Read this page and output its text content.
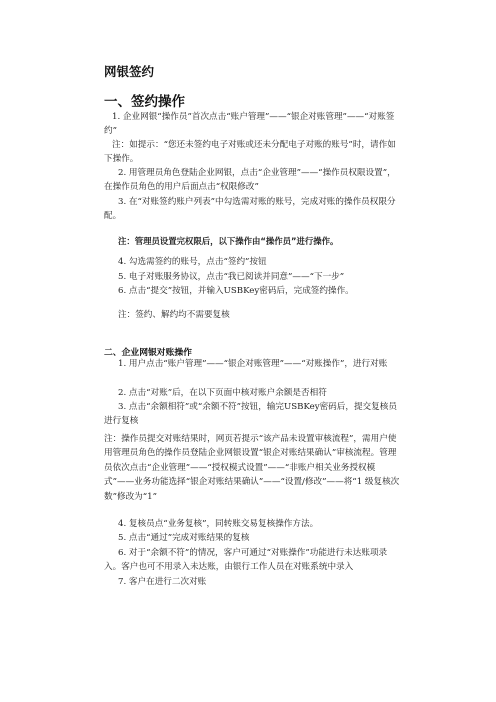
网银签约
一、签约操作

1. 企业网银“操作员”首次点击“账户管理”——“银企对账管理”——“对账签约”

注：如提示：“您还未签约电子对账或还未分配电子对账的账号”时，请作如下操作。

2. 用管理员角色登陆企业网银，点击“企业管理”——“操作员权限设置”，在操作员角色的用户后面点击“权限修改”

3. 在“对账签约账户列表”中勾选需对账的账号，完成对账的操作员权限分配。

注：管理员设置完权限后，以下操作由“操作员”进行操作。

4. 勾选需签约的账号，点击“签约”按钮

5. 电子对账服务协议，点击“我已阅读并同意”——“下一步”

6. 点击“提交”按钮，并输入USBKey密码后，完成签约操作。

注：签约、解约均不需要复核

二、企业网银对账操作

1. 用户点击“账户管理”——“银企对账管理”——“对账操作”，进行对账

2. 点击“对账”后，在以下页面中核对账户余额是否相符

3. 点击“余额相符”或“余额不符”按钮，输完USBKey密码后，提交复核员进行复核

注：操作员提交对账结果时，网页若提示“该产品未设置审核流程”，需用户使用管理员角色的操作员登陆企业网银设置“银企对账结果确认”审核流程。管理员依次点击“企业管理”——“授权模式设置”——“非账户相关业务授权模式”——业务功能选择“银企对账结果确认”——“设置/修改”——将“1 级复核次数”修改为“1”

4. 复核员点“业务复核”，同转账交易复核操作方法。

5. 点击“通过”完成对账结果的复核

6. 对于“余额不符”的情况，客户可通过“对账操作”功能进行未达账项录入。客户也可不用录入未达账，由银行工作人员在对账系统中录入

7. 客户在进行二次对账
